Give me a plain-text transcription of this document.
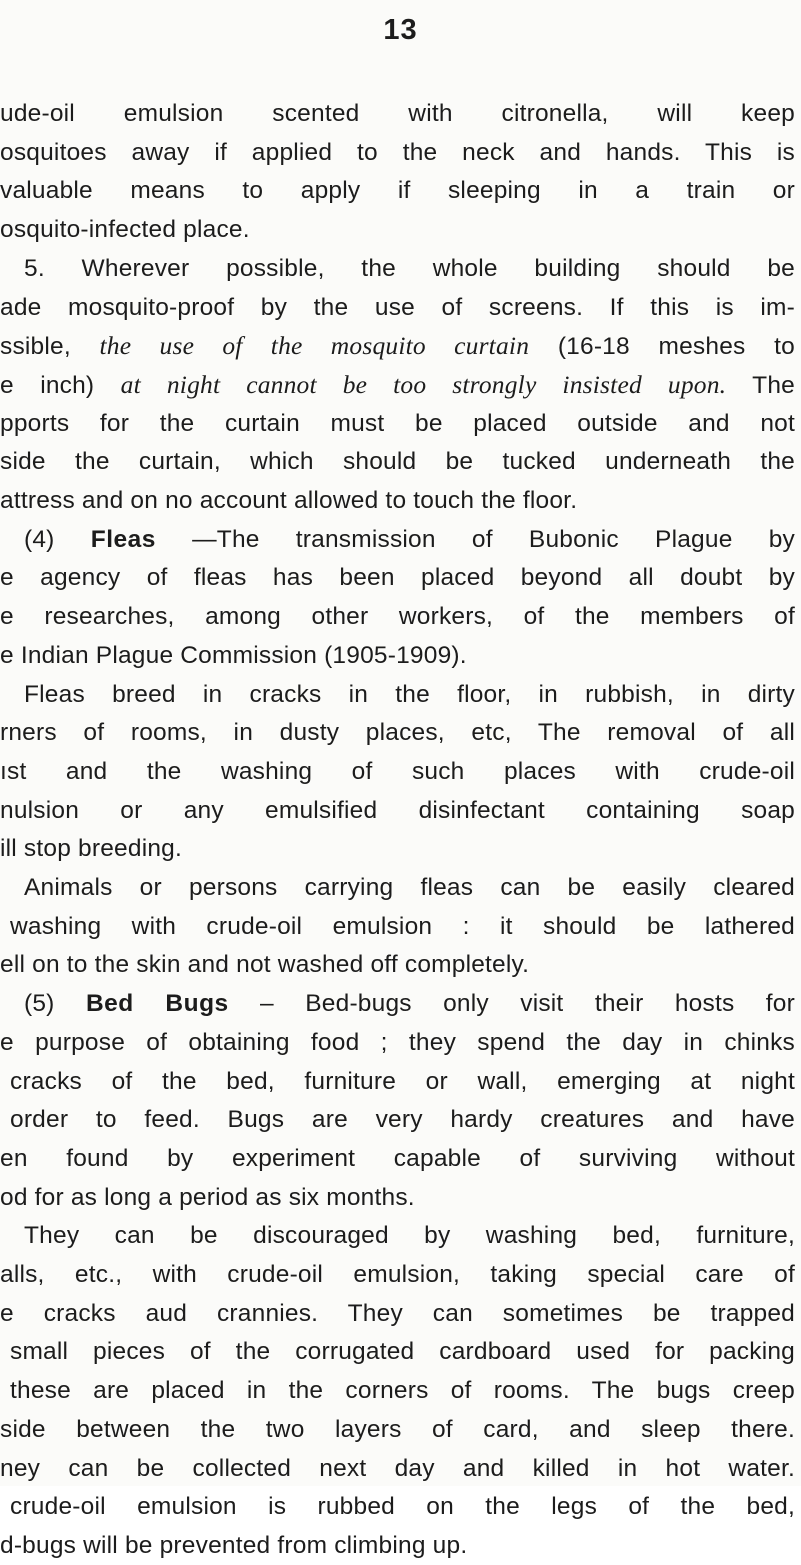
13
ude-oil emulsion scented with citronella, will keep
osquitoes away if applied to the neck and hands. This is
valuable means to apply if sleeping in a train or
osquito-infected place.
5. Wherever possible, the whole building should be
ade mosquito-proof by the use of screens. If this is im-
ssible, the use of the mosquito curtain (16-18 meshes to
e inch) at night cannot be too strongly insisted upon. The
pports for the curtain must be placed outside and not
side the curtain, which should be tucked underneath the
attress and on no account allowed to touch the floor.
(4) Fleas —The transmission of Bubonic Plague by
e agency of fleas has been placed beyond all doubt by
e researches, among other workers, of the members of
e Indian Plague Commission (1905-1909).
Fleas breed in cracks in the floor, in rubbish, in dirty
rners of rooms, in dusty places, etc, The removal of all
ıst and the washing of such places with crude-oil
nulsion or any emulsified disinfectant containing soap
ill stop breeding.
Animals or persons carrying fleas can be easily cleared
washing with crude-oil emulsion : it should be lathered
ell on to the skin and not washed off completely.
(5) Bed Bugs – Bed-bugs only visit their hosts for
e purpose of obtaining food ; they spend the day in chinks
cracks of the bed, furniture or wall, emerging at night
order to feed. Bugs are very hardy creatures and have
en found by experiment capable of surviving without
od for as long a period as six months.
They can be discouraged by washing bed, furniture,
alls, etc., with crude-oil emulsion, taking special care of
e cracks aud crannies. They can sometimes be trapped
small pieces of the corrugated cardboard used for packing
these are placed in the corners of rooms. The bugs creep
side between the two layers of card, and sleep there.
ney can be collected next day and killed in hot water.
crude-oil emulsion is rubbed on the legs of the bed,
d-bugs will be prevented from climbing up.
